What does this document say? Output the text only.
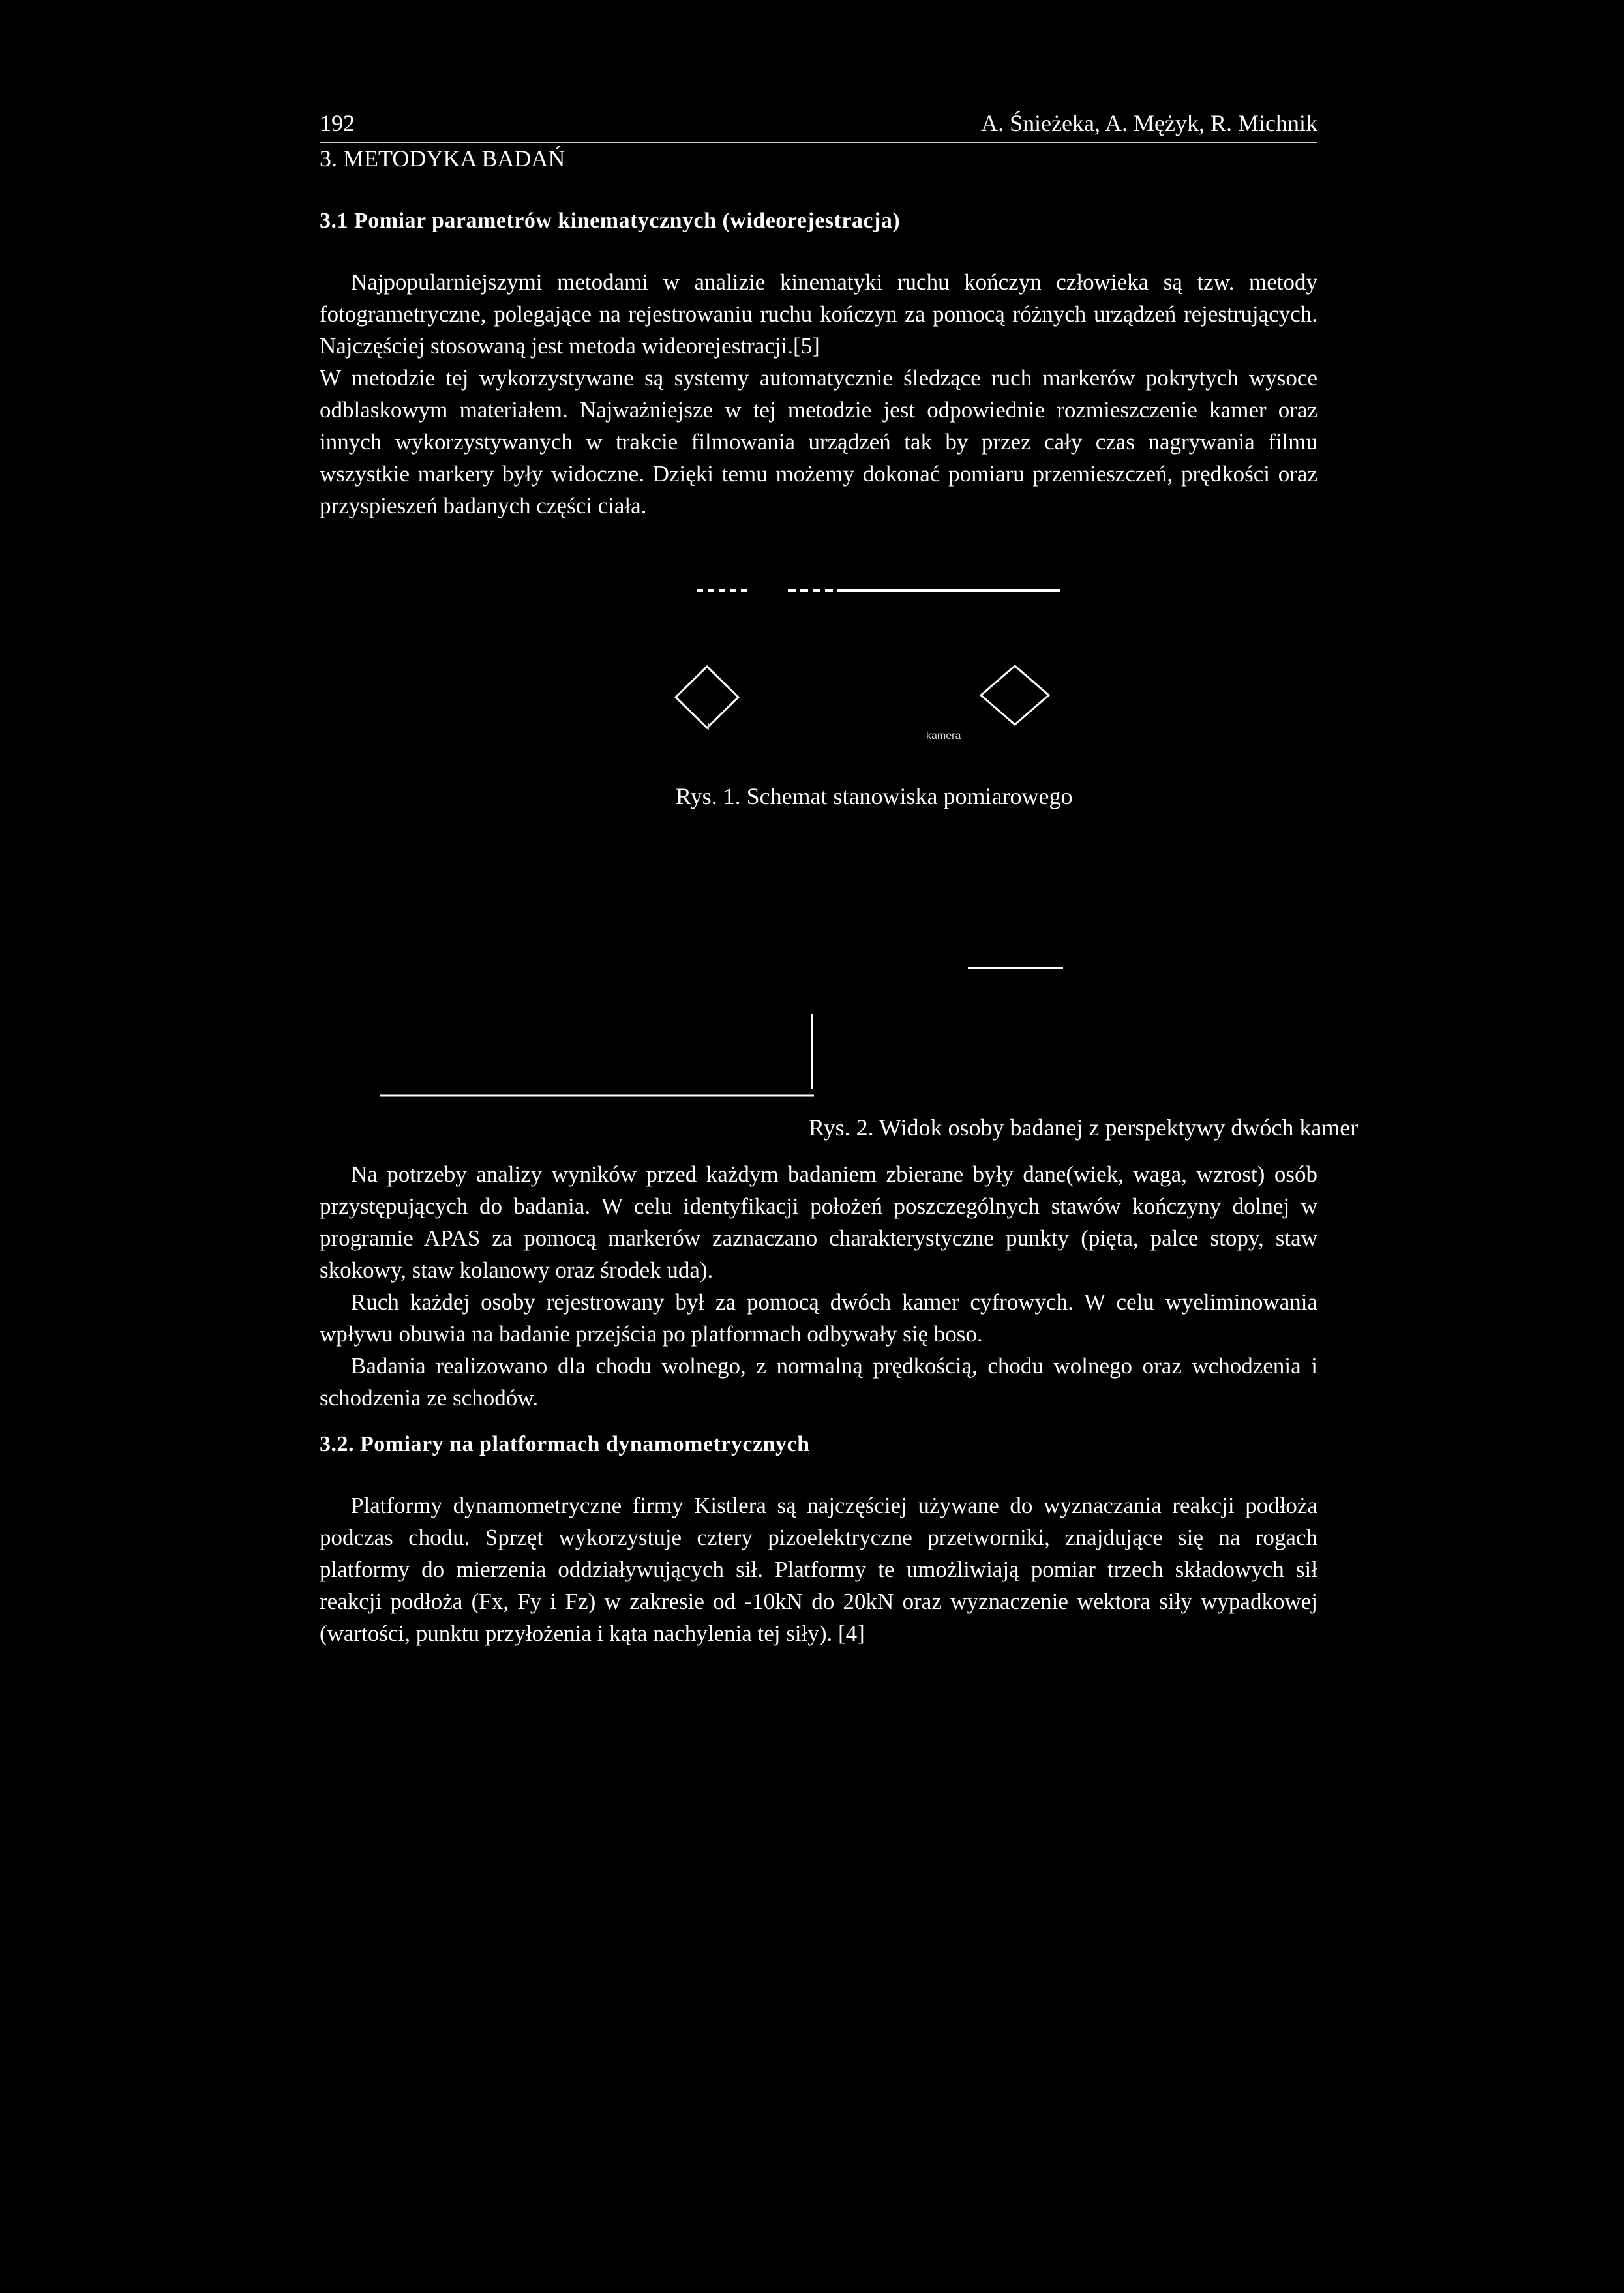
192	A. Śnieżeka, A. Mężyk, R. Michnik
3. METODYKA BADAŃ
3.1 Pomiar parametrów kinematycznych (wideorejestracja)

Najpopularniejszymi metodami w analizie kinematyki ruchu kończyn człowieka są tzw. metody fotogrametryczne, polegające na rejestrowaniu ruchu kończyn za pomocą różnych urządzeń rejestrujących. Najczęściej stosowaną jest metoda wideorejestracji.[5]

W metodzie tej wykorzystywane są systemy automatycznie śledzące ruch markerów pokrytych wysoce odblaskowym materiałem. Najważniejsze w tej metodzie jest odpowiednie rozmieszczenie kamer oraz innych wykorzystywanych w trakcie filmowania urządzeń tak by przez cały czas nagrywania filmu wszystkie markery były widoczne. Dzięki temu możemy dokonać pomiaru przemieszczeń, prędkości oraz przyspieszeń badanych części ciała.

kamera
Rys. 1. Schemat stanowiska pomiarowego
Rys. 2. Widok osoby badanej z perspektywy dwóch kamer

Na potrzeby analizy wyników przed każdym badaniem zbierane były dane(wiek, waga, wzrost) osób przystępujących do badania. W celu identyfikacji położeń poszczególnych stawów kończyny dolnej w programie APAS za pomocą markerów zaznaczano charakterystyczne punkty (pięta, palce stopy, staw skokowy, staw kolanowy oraz środek uda).

Ruch każdej osoby rejestrowany był za pomocą dwóch kamer cyfrowych. W celu wyeliminowania wpływu obuwia na badanie przejścia po platformach odbywały się boso.

Badania realizowano dla chodu wolnego, z normalną prędkością, chodu wolnego oraz wchodzenia i schodzenia ze schodów.

3.2. Pomiary na platformach dynamometrycznych

Platformy dynamometryczne firmy Kistlera są najczęściej używane do wyznaczania reakcji podłoża podczas chodu. Sprzęt wykorzystuje cztery pizoelektryczne przetworniki, znajdujące się na rogach platformy do mierzenia oddziaływujących sił. Platformy te umożliwiają pomiar trzech składowych sił reakcji podłoża (Fx, Fy i Fz) w zakresie od -10kN do 20kN oraz wyznaczenie wektora siły wypadkowej (wartości, punktu przyłożenia i kąta nachylenia tej siły). [4]
